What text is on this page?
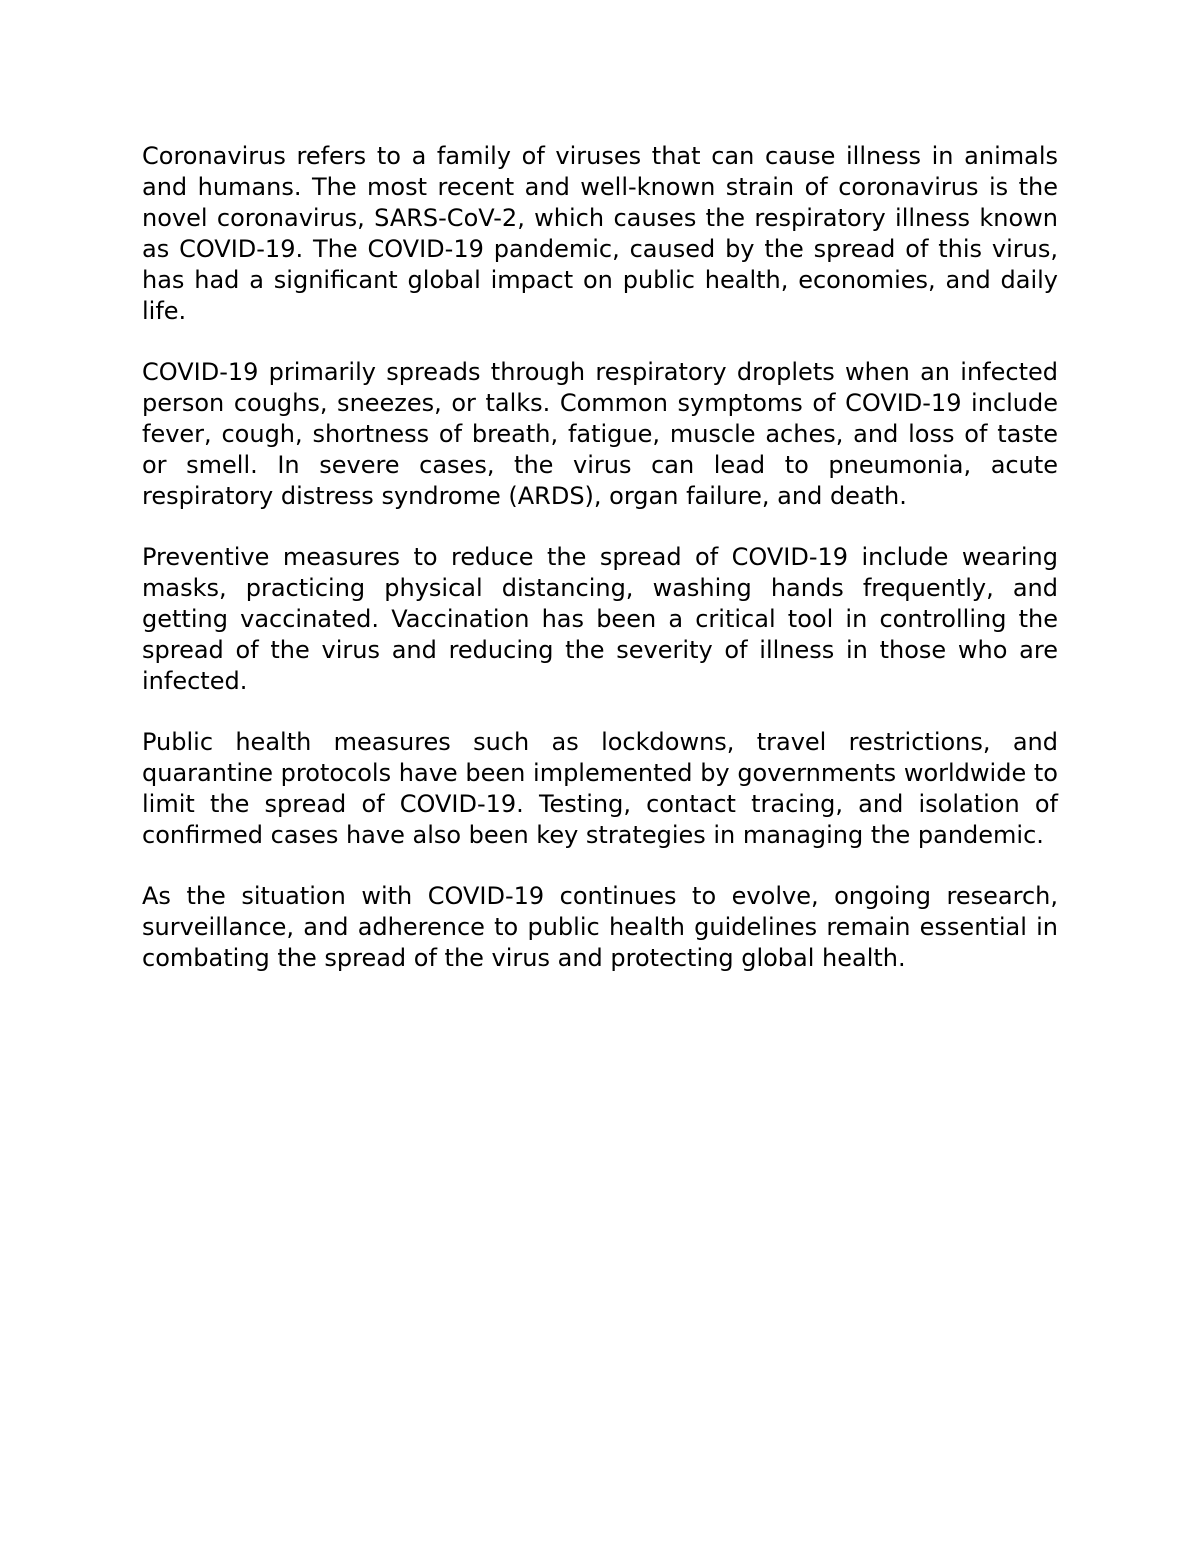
Coronavirus refers to a family of viruses that can cause illness in animals and humans. The most recent and well-known strain of coronavirus is the novel coronavirus, SARS-CoV-2, which causes the respiratory illness known as COVID-19. The COVID-19 pandemic, caused by the spread of this virus, has had a significant global impact on public health, economies, and daily life.

COVID-19 primarily spreads through respiratory droplets when an infected person coughs, sneezes, or talks. Common symptoms of COVID-19 include fever, cough, shortness of breath, fatigue, muscle aches, and loss of taste or smell. In severe cases, the virus can lead to pneumonia, acute respiratory distress syndrome (ARDS), organ failure, and death.

Preventive measures to reduce the spread of COVID-19 include wearing masks, practicing physical distancing, washing hands frequently, and getting vaccinated. Vaccination has been a critical tool in controlling the spread of the virus and reducing the severity of illness in those who are infected.

Public health measures such as lockdowns, travel restrictions, and quarantine protocols have been implemented by governments worldwide to limit the spread of COVID-19. Testing, contact tracing, and isolation of confirmed cases have also been key strategies in managing the pandemic.

As the situation with COVID-19 continues to evolve, ongoing research, surveillance, and adherence to public health guidelines remain essential in combating the spread of the virus and protecting global health.
